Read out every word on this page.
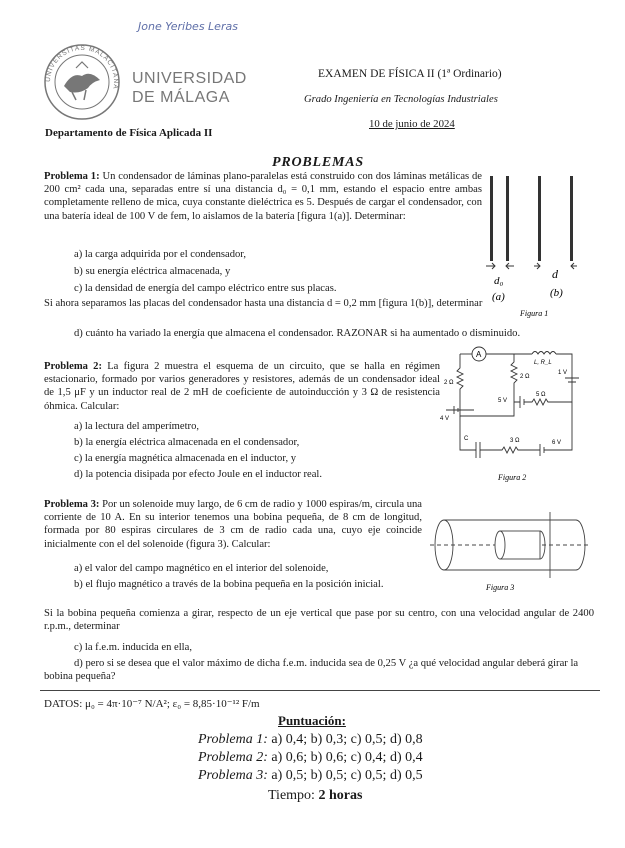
Jone Yeribes Leras
UNIVERSITAS MALACITANA
UNIVERSIDAD
DE MÁLAGA
Departamento de Física Aplicada II
EXAMEN DE FÍSICA II (1ª Ordinario)
Grado Ingeniería en Tecnologías Industriales
10 de junio de 2024
PROBLEMAS
Problema 1: Un condensador de láminas plano-paralelas está construido con dos láminas metálicas de 200 cm² cada una, separadas entre sí una distancia d₀ = 0,1 mm, estando el espacio entre ambas completamente relleno de mica, cuya constante dieléctrica es 5. Después de cargar el condensador, con una batería ideal de 100 V de fem, lo aislamos de la batería [figura 1(a)]. Determinar:
a) la carga adquirida por el condensador,
b) su energía eléctrica almacenada, y
c) la densidad de energía del campo eléctrico entre sus placas.
Si ahora separamos las placas del condensador hasta una distancia d = 0,2 mm [figura 1(b)], determinar
d) cuánto ha variado la energía que almacena el condensador. RAZONAR si ha aumentado o disminuido.
d₀	d
(a)	(b)
Figura 1
Problema 2: La figura 2 muestra el esquema de un circuito, que se halla en régimen estacionario, formado por varios generadores y resistores, además de un condensador ideal de 1,5 μF y un inductor real de 2 mH de coeficiente de autoinducción y 3 Ω de resistencia óhmica. Calcular:
a) la lectura del amperímetro,
b) la energía eléctrica almacenada en el condensador,
c) la energía magnética almacenada en el inductor, y
d) la potencia disipada por efecto Joule en el inductor real.
A
L, R_L
2 Ω
2 Ω
1 V
5 V
5 Ω
4 V
C	3 Ω	6 V
Figura 2
Problema 3: Por un solenoide muy largo, de 6 cm de radio y 1000 espiras/m, circula una corriente de 10 A. En su interior tenemos una bobina pequeña, de 8 cm de longitud, formada por 80 espiras circulares de 3 cm de radio cada una, cuyo eje coincide inicialmente con el del solenoide (figura 3). Calcular:
a) el valor del campo magnético en el interior del solenoide,
b) el flujo magnético a través de la bobina pequeña en la posición inicial.
Si la bobina pequeña comienza a girar, respecto de un eje vertical que pase por su centro, con una velocidad angular de 2400 r.p.m., determinar
c) la f.e.m. inducida en ella,
d) pero si se desea que el valor máximo de dicha f.e.m. inducida sea de 0,25 V ¿a qué velocidad angular deberá girar la bobina pequeña?
Figura 3
DATOS: μ₀ = 4π·10⁻⁷ N/A²; ε₀ = 8,85·10⁻¹² F/m
Puntuación:
Problema 1: a) 0,4; b) 0,3; c) 0,5; d) 0,8
Problema 2: a) 0,6; b) 0,6; c) 0,4; d) 0,4
Problema 3: a) 0,5; b) 0,5; c) 0,5; d) 0,5
Tiempo: 2 horas
